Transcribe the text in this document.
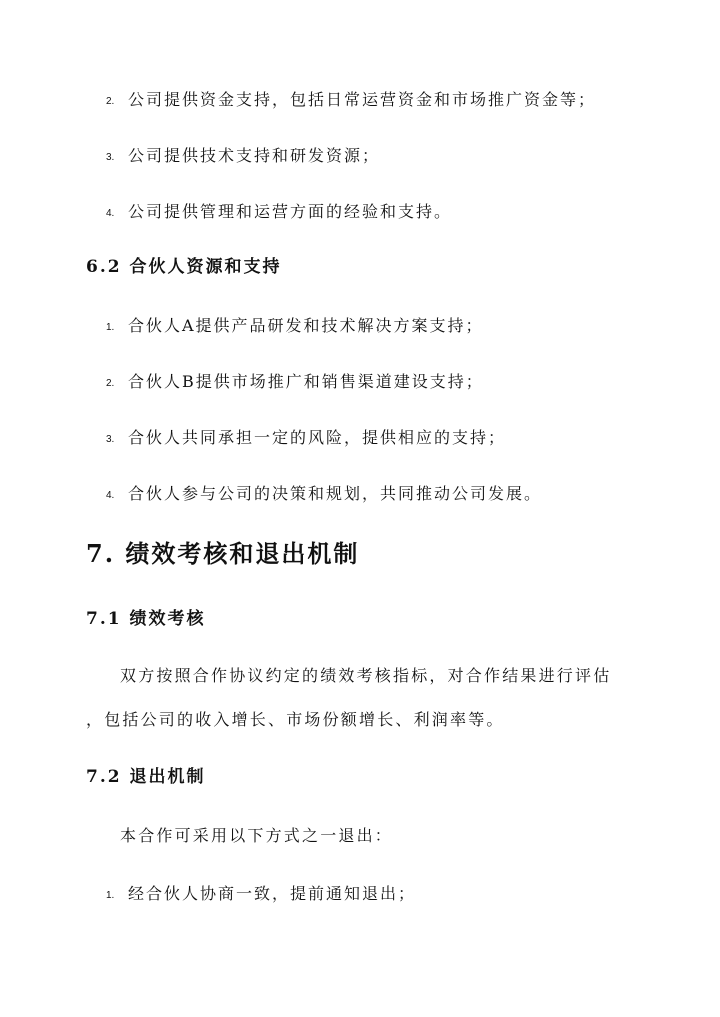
2. 公司提供资金支持，包括日常运营资金和市场推广资金等；
3. 公司提供技术支持和研发资源；
4. 公司提供管理和运营方面的经验和支持。
6.2 合伙人资源和支持
1. 合伙人A提供产品研发和技术解决方案支持；
2. 合伙人B提供市场推广和销售渠道建设支持；
3. 合伙人共同承担一定的风险，提供相应的支持；
4. 合伙人参与公司的决策和规划，共同推动公司发展。
7. 绩效考核和退出机制
7.1 绩效考核
双方按照合作协议约定的绩效考核指标，对合作结果进行评估
，包括公司的收入增长、市场份额增长、利润率等。
7.2 退出机制
本合作可采用以下方式之一退出：
1. 经合伙人协商一致，提前通知退出；
